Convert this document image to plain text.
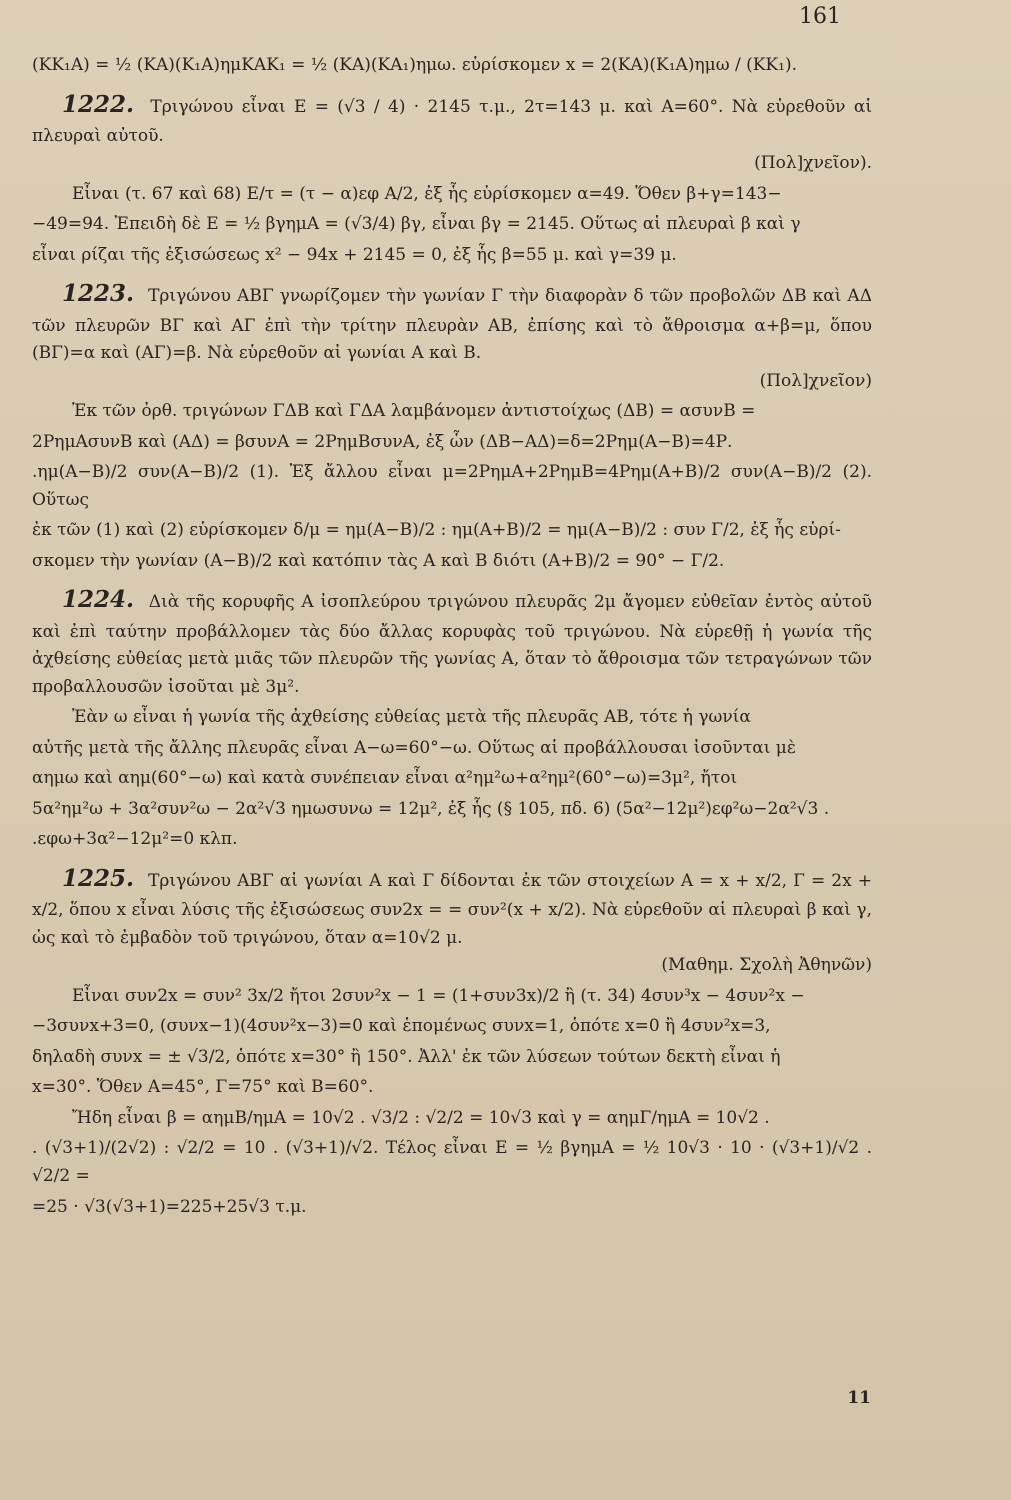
161

(ΚΚ₁Α) = ½ (ΚΑ)(Κ₁Α)ημΚΑΚ₁ = ½ (ΚΑ)(ΚΑ₁)ημω. εὑρίσκομεν x = 2(ΚΑ)(Κ₁Α)ημω / (ΚΚ₁).

1222. Τριγώνου εἶναι Ε = (√3 / 4) · 2145 τ.μ., 2τ=143 μ. καὶ Α=60°. Νὰ εὑρεθοῦν αἱ πλευραὶ αὐτοῦ.
(Πολ]χνεῖον).

Εἶναι (τ. 67 καὶ 68) Ε/τ = (τ − α)εφ Α/2, ἐξ ἧς εὑρίσκομεν α=49. Ὅθεν β+γ=143−

−49=94. Ἐπειδὴ δὲ Ε = ½ βγημΑ = (√3/4) βγ, εἶναι βγ = 2145. Οὕτως αἱ πλευραὶ β καὶ γ

εἶναι ρίζαι τῆς ἐξισώσεως x² − 94x + 2145 = 0, ἐξ ἧς β=55 μ. καὶ γ=39 μ.

1223. Τριγώνου ΑΒΓ γνωρίζομεν τὴν γωνίαν Γ τὴν διαφορὰν δ τῶν προβολῶν ΔΒ καὶ ΑΔ τῶν πλευρῶν ΒΓ καὶ ΑΓ ἐπὶ τὴν τρίτην πλευρὰν ΑΒ, ἐπίσης καὶ τὸ ἄθροισμα α+β=μ, ὅπου (ΒΓ)=α καὶ (ΑΓ)=β. Νὰ εὑρεθοῦν αἱ γωνίαι Α καὶ Β.
(Πολ]χνεῖον)

Ἐκ τῶν ὀρθ. τριγώνων ΓΔΒ καὶ ΓΔΑ λαμβάνομεν ἀντιστοίχως (ΔΒ) = ασυνΒ =

2ΡημΑσυνΒ καὶ (ΑΔ) = βσυνΑ = 2ΡημΒσυνΑ, ἐξ ὧν (ΔΒ−ΑΔ)=δ=2Ρημ(Α−Β)=4Ρ.

.ημ(Α−Β)/2 συν(Α−Β)/2 (1). Ἐξ ἄλλου εἶναι μ=2ΡημΑ+2ΡημΒ=4Ρημ(Α+Β)/2 συν(Α−Β)/2 (2). Οὕτως

ἐκ τῶν (1) καὶ (2) εὑρίσκομεν δ/μ = ημ(Α−Β)/2 : ημ(Α+Β)/2 = ημ(Α−Β)/2 : συν Γ/2, ἐξ ἧς εὑρί-

σκομεν τὴν γωνίαν (Α−Β)/2 καὶ κατόπιν τὰς Α καὶ Β διότι (Α+Β)/2 = 90° − Γ/2.

1224. Διὰ τῆς κορυφῆς Α ἰσοπλεύρου τριγώνου πλευρᾶς 2μ ἄγομεν εὐθεῖαν ἐντὸς αὐτοῦ καὶ ἐπὶ ταύτην προβάλλομεν τὰς δύο ἄλλας κορυφὰς τοῦ τριγώνου. Νὰ εὑρεθῇ ἡ γωνία τῆς ἀχθείσης εὐθείας μετὰ μιᾶς τῶν πλευρῶν τῆς γωνίας Α, ὅταν τὸ ἄθροισμα τῶν τετραγώνων τῶν προβαλλουσῶν ἰσοῦται μὲ 3μ².

Ἐὰν ω εἶναι ἡ γωνία τῆς ἀχθείσης εὐθείας μετὰ τῆς πλευρᾶς ΑΒ, τότε ἡ γωνία

αὐτῆς μετὰ τῆς ἄλλης πλευρᾶς εἶναι Α−ω=60°−ω. Οὕτως αἱ προβάλλουσαι ἰσοῦνται μὲ

αημω καὶ αημ(60°−ω) καὶ κατὰ συνέπειαν εἶναι α²ημ²ω+α²ημ²(60°−ω)=3μ², ἤτοι

5α²ημ²ω + 3α²συν²ω − 2α²√3 ημωσυνω = 12μ², ἐξ ἧς (§ 105, πδ. 6) (5α²−12μ²)εφ²ω−2α²√3 .

.εφω+3α²−12μ²=0 κλπ.

1225. Τριγώνου ΑΒΓ αἱ γωνίαι Α καὶ Γ δίδονται ἐκ τῶν στοιχείων Α = x + x/2, Γ = 2x + x/2, ὅπου x εἶναι λύσις τῆς ἐξισώσεως συν2x = = συν²(x + x/2). Νὰ εὑρεθοῦν αἱ πλευραὶ β καὶ γ, ὡς καὶ τὸ ἐμβαδὸν τοῦ τριγώνου, ὅταν α=10√2 μ.
(Μαθημ. Σχολὴ Ἀθηνῶν)

Εἶναι συν2x = συν² 3x/2 ἤτοι 2συν²x − 1 = (1+συν3x)/2 ἢ (τ. 34) 4συν³x − 4συν²x −

−3συνx+3=0, (συνx−1)(4συν²x−3)=0 καὶ ἑπομένως συνx=1, ὁπότε x=0 ἢ 4συν²x=3,

δηλαδὴ συνx = ± √3/2, ὁπότε x=30° ἢ 150°. Ἀλλ' ἐκ τῶν λύσεων τούτων δεκτὴ εἶναι ἡ

x=30°. Ὅθεν Α=45°, Γ=75° καὶ Β=60°.

Ἤδη εἶναι β = αημΒ/ημΑ = 10√2 . √3/2 : √2/2 = 10√3 καὶ γ = αημΓ/ημΑ = 10√2 .

. (√3+1)/(2√2) : √2/2 = 10 . (√3+1)/√2. Τέλος εἶναι Ε = ½ βγημΑ = ½ 10√3 · 10 · (√3+1)/√2 . √2/2 =

=25 · √3(√3+1)=225+25√3 τ.μ.

11
